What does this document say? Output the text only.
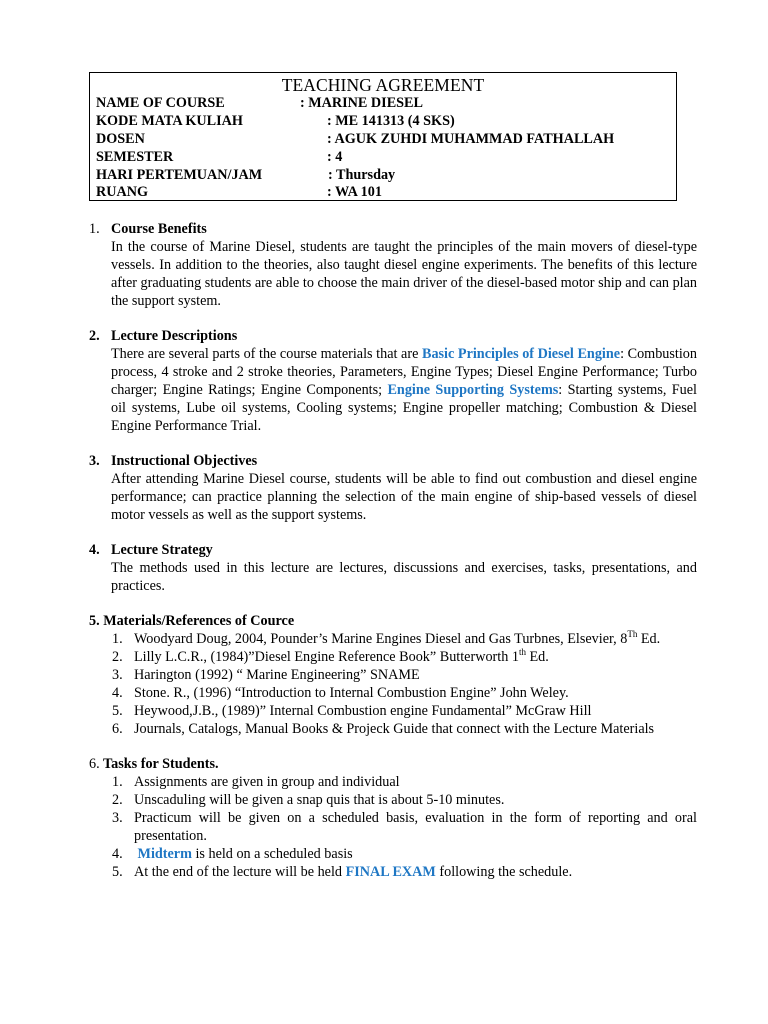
TEACHING AGREEMENT
NAME OF COURSE	: MARINE DIESEL
KODE MATA KULIAH	: ME 141313 (4 SKS)
DOSEN	: AGUK ZUHDI MUHAMMAD FATHALLAH
SEMESTER	: 4
HARI PERTEMUAN/JAM	: Thursday
RUANG	: WA 101
1. Course Benefits
In the course of Marine Diesel, students are taught the principles of the main movers of diesel-type vessels. In addition to the theories, also taught diesel engine experiments. The benefits of this lecture after graduating students are able to choose the main driver of the diesel-based motor ship and can plan the support system.
2. Lecture Descriptions
There are several parts of the course materials that are Basic Principles of Diesel Engine: Combustion process, 4 stroke and 2 stroke theories, Parameters, Engine Types; Diesel Engine Performance; Turbo charger; Engine Ratings; Engine Components; Engine Supporting Systems: Starting systems, Fuel oil systems, Lube oil systems, Cooling systems; Engine propeller matching; Combustion & Diesel Engine Performance Trial.
3. Instructional Objectives
After attending Marine Diesel course, students will be able to find out combustion and diesel engine performance; can practice planning the selection of the main engine of ship-based vessels of diesel motor vessels as well as the support systems.
4. Lecture Strategy
The methods used in this lecture are lectures, discussions and exercises, tasks, presentations, and practices.
5. Materials/References of Cource
1. Woodyard Doug, 2004, Pounder’s Marine Engines Diesel and Gas Turbnes, Elsevier, 8Th Ed.
2. Lilly L.C.R., (1984)”Diesel Engine Reference Book” Butterworth 1th Ed.
3. Harington (1992) “ Marine Engineering” SNAME
4. Stone. R., (1996) “Introduction to Internal Combustion Engine” John Weley.
5. Heywood,J.B., (1989)” Internal Combustion engine Fundamental” McGraw Hill
6. Journals, Catalogs, Manual Books & Projeck Guide that connect with the Lecture Materials
6. Tasks for Students.
1. Assignments are given in group and individual
2. Unscaduling will be given a snap quis that is about 5-10 minutes.
3. Practicum will be given on a scheduled basis, evaluation in the form of reporting and oral presentation.
4. Midterm is held on a scheduled basis
5. At the end of the lecture will be held FINAL EXAM following the schedule.
